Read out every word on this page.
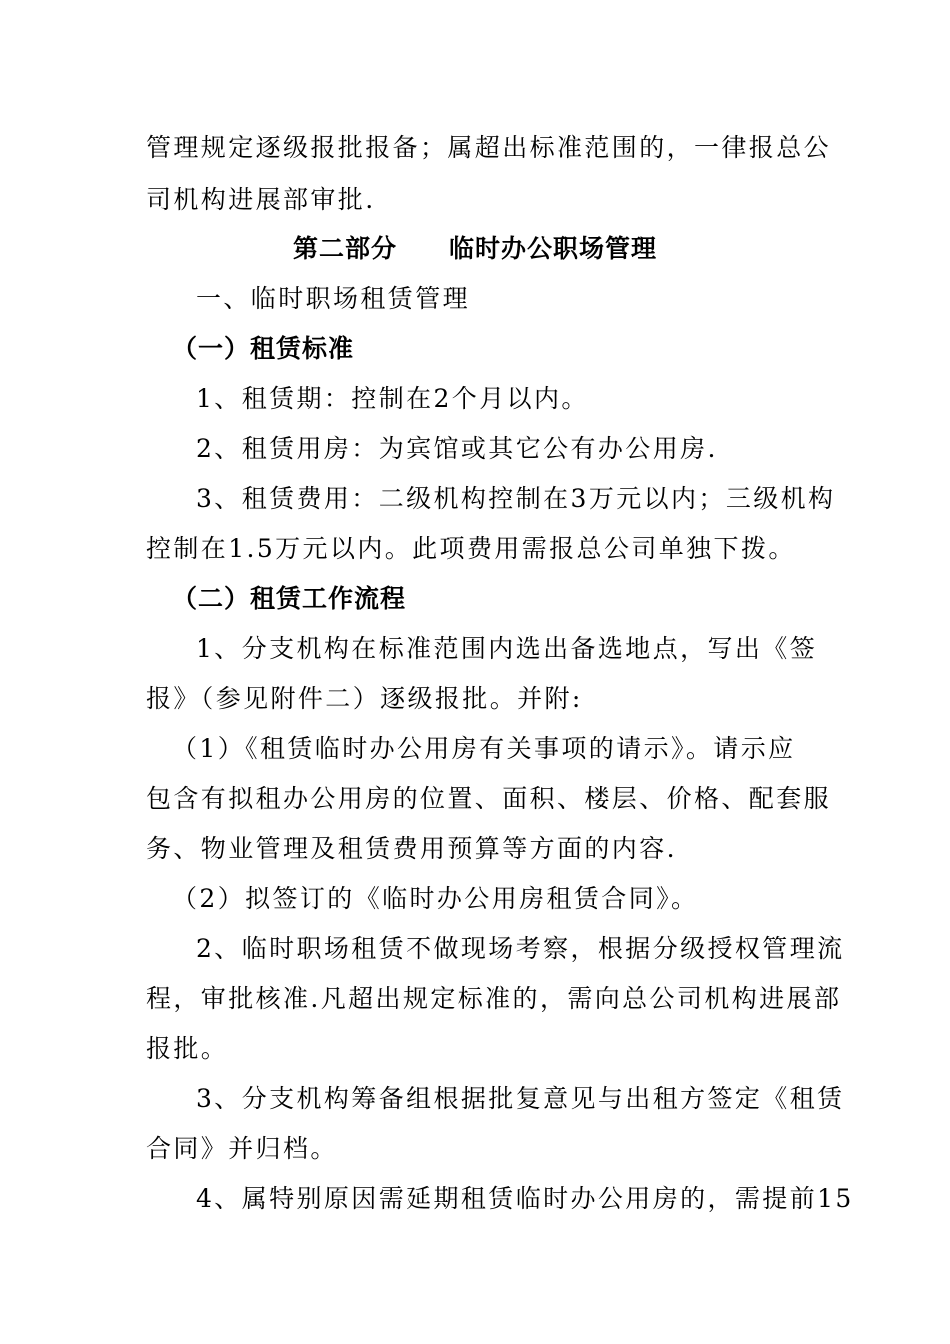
管理规定逐级报批报备；属超出标准范围的，一律报总公
司机构进展部审批.
第二部分 临时办公职场管理
一、临时职场租赁管理
（一）租赁标准
1、租赁期：控制在2个月以内。
2、租赁用房：为宾馆或其它公有办公用房.
3、租赁费用：二级机构控制在3万元以内；三级机构
控制在1.5万元以内。此项费用需报总公司单独下拨。
（二）租赁工作流程
1、分支机构在标准范围内选出备选地点，写出《签
报》（参见附件二）逐级报批。并附:
（1）《租赁临时办公用房有关事项的请示》。请示应
包含有拟租办公用房的位置、面积、楼层、价格、配套服
务、物业管理及租赁费用预算等方面的内容.
（2）拟签订的《临时办公用房租赁合同》。
2、临时职场租赁不做现场考察，根据分级授权管理流
程，审批核准.凡超出规定标准的，需向总公司机构进展部
报批。
3、分支机构筹备组根据批复意见与出租方签定《租赁
合同》并归档。
4、属特别原因需延期租赁临时办公用房的，需提前15
